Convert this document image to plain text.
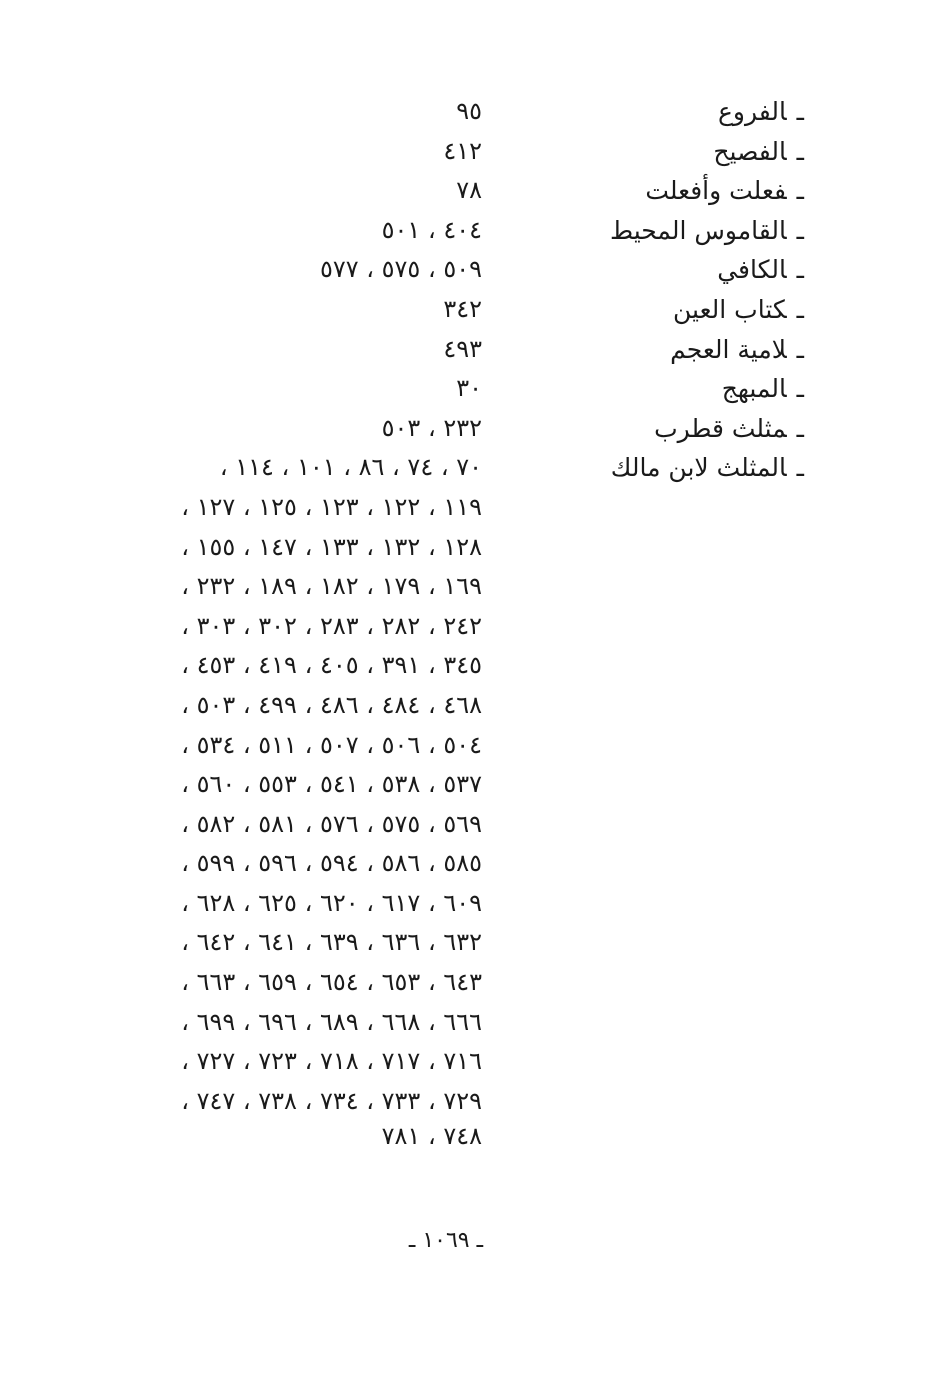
ـالفروع
٩٥
ـالفصيح
٤١٢
ـفعلت وأفعلت
٧٨
ـالقاموس المحيط
٤٠٤ ، ٥٠١
ـالكافي
٥٠٩ ، ٥٧٥ ، ٥٧٧
ـكتاب العين
٣٤٢
ـلامية العجم
٤٩٣
ـالمبهج
٣٠
ـمثلث قطرب
٢٣٢ ، ٥٠٣
ـالمثلث لابن مالك
٧٠ ، ٧٤ ، ٨٦ ، ١٠١ ، ١١٤ ،
١١٩ ، ١٢٢ ، ١٢٣ ، ١٢٥ ، ١٢٧ ،
١٢٨ ، ١٣٢ ، ١٣٣ ، ١٤٧ ، ١٥٥ ،
١٦٩ ، ١٧٩ ، ١٨٢ ، ١٨٩ ، ٢٣٢ ،
٢٤٢ ، ٢٨٢ ، ٢٨٣ ، ٣٠٢ ، ٣٠٣ ،
٣٤٥ ، ٣٩١ ، ٤٠٥ ، ٤١٩ ، ٤٥٣ ،
٤٦٨ ، ٤٨٤ ، ٤٨٦ ، ٤٩٩ ، ٥٠٣ ،
٥٠٤ ، ٥٠٦ ، ٥٠٧ ، ٥١١ ، ٥٣٤ ،
٥٣٧ ، ٥٣٨ ، ٥٤١ ، ٥٥٣ ، ٥٦٠ ،
٥٦٩ ، ٥٧٥ ، ٥٧٦ ، ٥٨١ ، ٥٨٢ ،
٥٨٥ ، ٥٨٦ ، ٥٩٤ ، ٥٩٦ ، ٥٩٩ ،
٦٠٩ ، ٦١٧ ، ٦٢٠ ، ٦٢٥ ، ٦٢٨ ،
٦٣٢ ، ٦٣٦ ، ٦٣٩ ، ٦٤١ ، ٦٤٢ ،
٦٤٣ ، ٦٥٣ ، ٦٥٤ ، ٦٥٩ ، ٦٦٣ ،
٦٦٦ ، ٦٦٨ ، ٦٨٩ ، ٦٩٦ ، ٦٩٩ ،
٧١٦ ، ٧١٧ ، ٧١٨ ، ٧٢٣ ، ٧٢٧ ،
٧٢٩ ، ٧٣٣ ، ٧٣٤ ، ٧٣٨ ، ٧٤٧ ،
٧٤٨ ، ٧٨١
ـ ١٠٦٩ ـ
